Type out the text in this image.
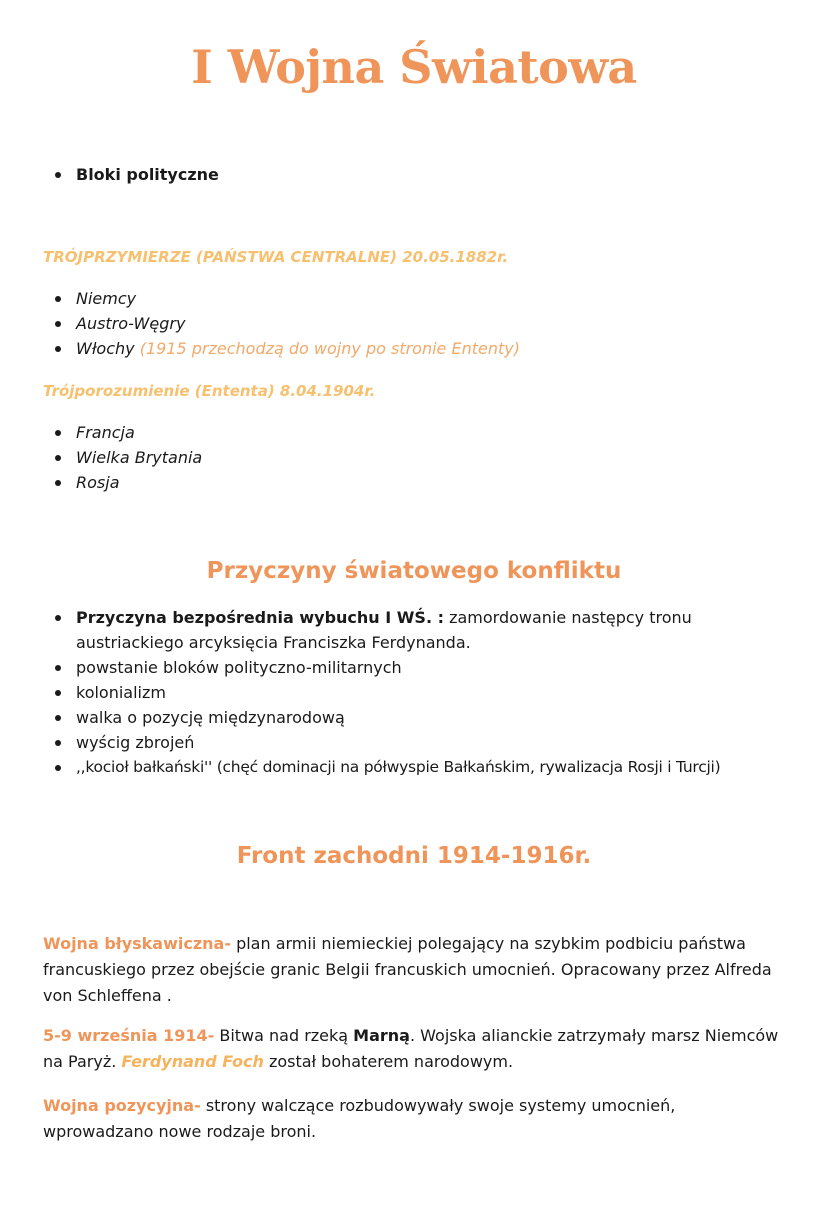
I Wojna Światowa
Bloki polityczne
TRÓJPRZYMIERZE (PAŃSTWA CENTRALNE) 20.05.1882r.
Niemcy
Austro-Węgry
Włochy (1915 przechodzą do wojny po stronie Ententy)
Trójporozumienie (Ententa) 8.04.1904r.
Francja
Wielka Brytania
Rosja
Przyczyny światowego konfliktu
Przyczyna bezpośrednia wybuchu I WŚ. : zamordowanie następcy tronu austriackiego arcyksięcia Franciszka Ferdynanda.
powstanie bloków polityczno-militarnych
kolonializm
walka o pozycję międzynarodową
wyścig zbrojeń
,,kocioł bałkański'' (chęć dominacji na półwyspie Bałkańskim, rywalizacja Rosji i Turcji)
Front zachodni 1914-1916r.

Wojna błyskawiczna- plan armii niemieckiej polegający na szybkim podbiciu państwa francuskiego przez obejście granic Belgii francuskich umocnień. Opracowany przez Alfreda von Schleffena .

5-9 września 1914- Bitwa nad rzeką Marną. Wojska alianckie zatrzymały marsz Niemców na Paryż. Ferdynand Foch został bohaterem narodowym.

Wojna pozycyjna- strony walczące rozbudowywały swoje systemy umocnień, wprowadzano nowe rodzaje broni.
